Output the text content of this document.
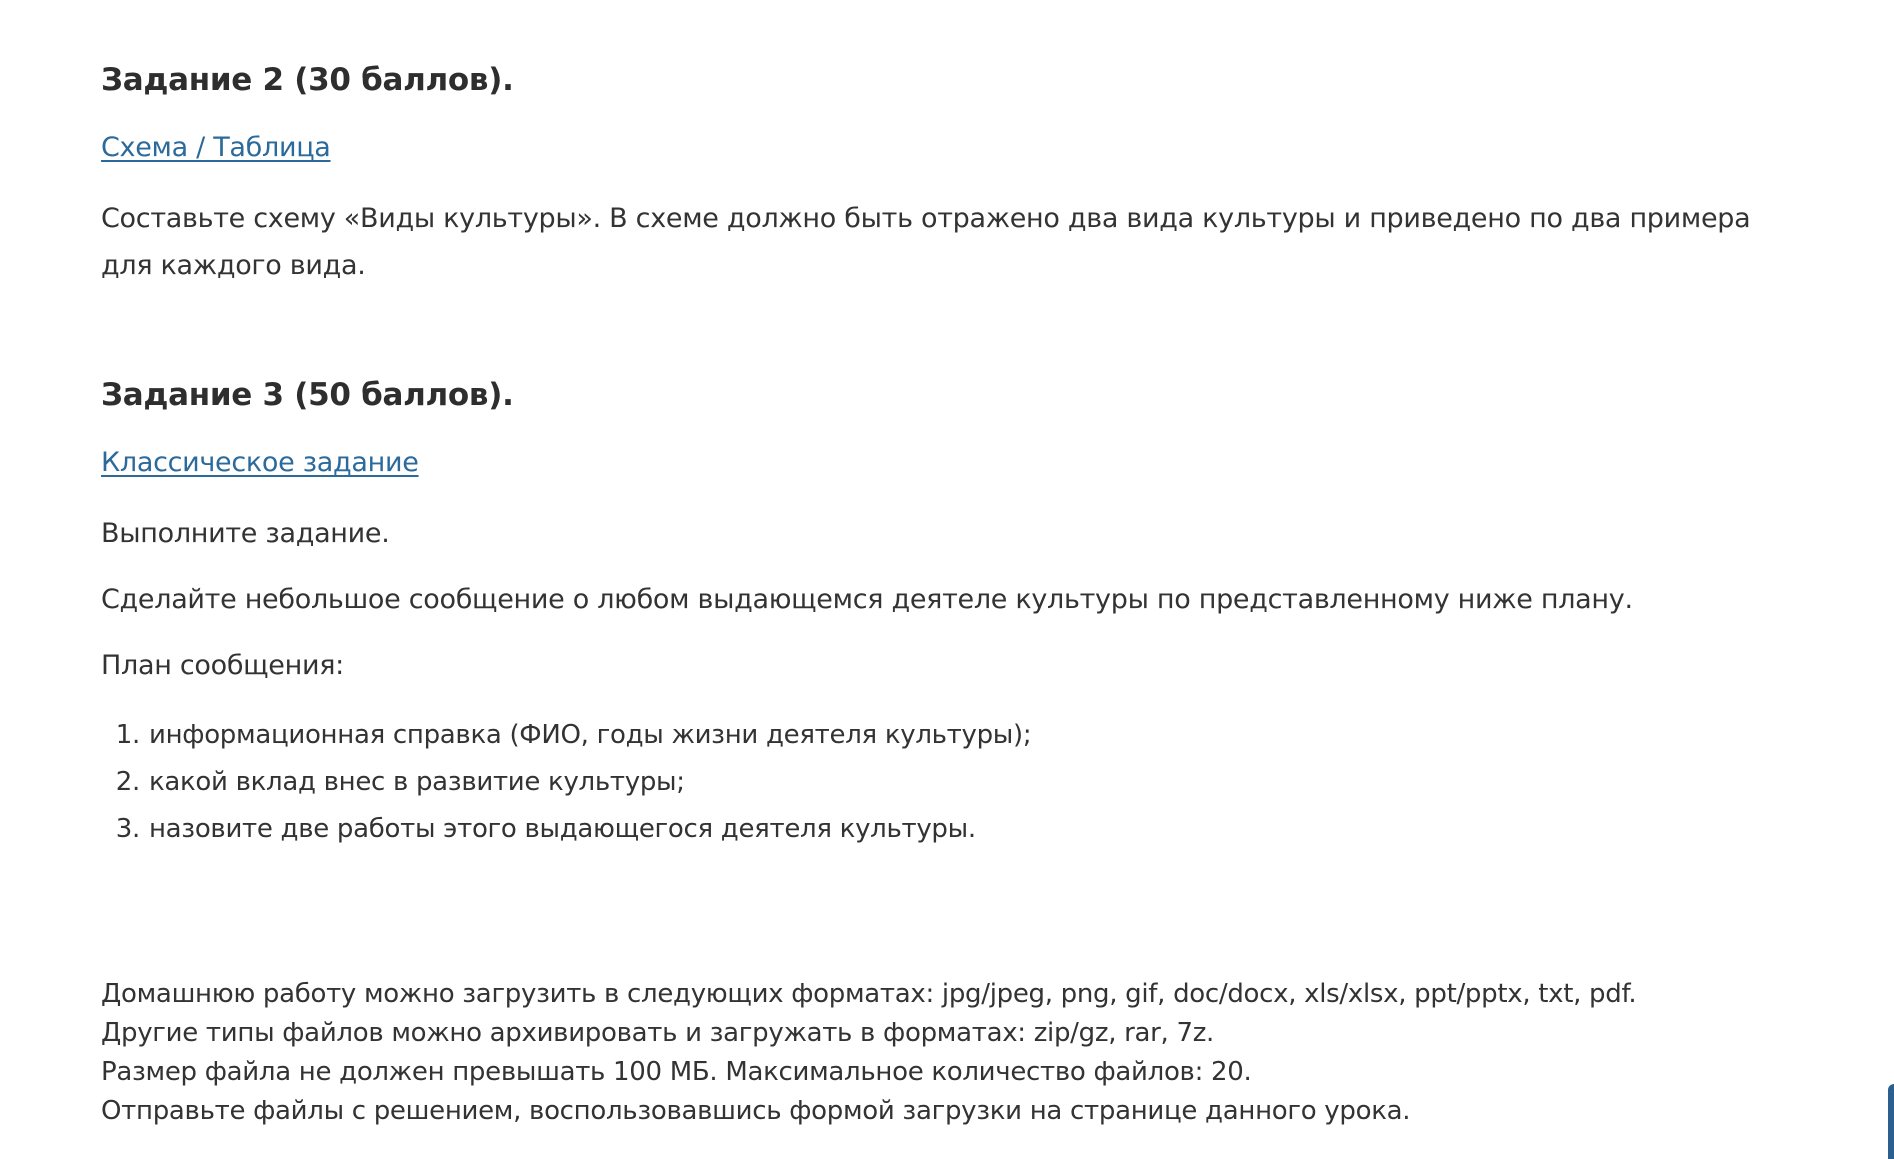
Задание 2 (30 баллов).
Схема / Таблица

Составьте схему «Виды культуры». В схеме должно быть отражено два вида культуры и приведено по два примера для каждого вида.

Задание 3 (50 баллов).
Классическое задание

Выполните задание.

Сделайте небольшое сообщение о любом выдающемся деятеле культуры по представленному ниже плану.

План сообщения:

1. информационная справка (ФИО, годы жизни деятеля культуры);
2. какой вклад внес в развитие культуры;
3. назовите две работы этого выдающегося деятеля культуры.
Домашнюю работу можно загрузить в следующих форматах: jpg/jpeg, png, gif, doc/docx, xls/xlsx, ppt/pptx, txt, pdf.
Другие типы файлов можно архивировать и загружать в форматах: zip/gz, rar, 7z.
Размер файла не должен превышать 100 МБ. Максимальное количество файлов: 20.
Отправьте файлы с решением, воспользовавшись формой загрузки на странице данного урока.
